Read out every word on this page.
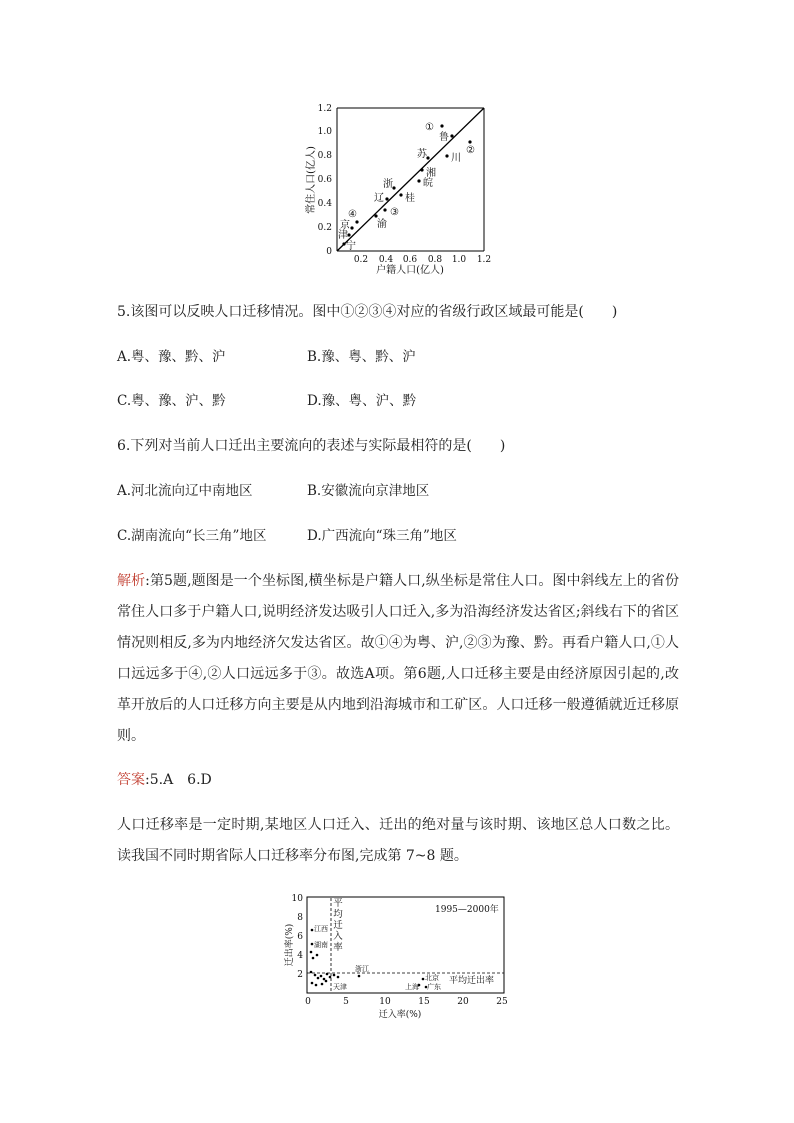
1.2
1.0
0.8
0.6
0.4
0.2
0
0.2 0.4 0.6 0.8 1.0 1.2
户籍人口(亿人)
常住人口(亿人)
①
鲁
②
川
苏
湘
皖
浙
桂
辽
③
渝
④
京
津
宁
5.该图可以反映人口迁移情况。图中①②③④对应的省级行政区域最可能是(　　)
A.粤、豫、黔、沪	B.豫、粤、黔、沪
C.粤、豫、沪、黔	D.豫、粤、沪、黔
6.下列对当前人口迁出主要流向的表述与实际最相符的是(　　)
A.河北流向辽中南地区	B.安徽流向京津地区
C.湖南流向“长三角”地区	D.广西流向“珠三角”地区
解析:第5题,题图是一个坐标图,横坐标是户籍人口,纵坐标是常住人口。图中斜线左上的省份常住人口多于户籍人口,说明经济发达吸引人口迁入,多为沿海经济发达省区;斜线右下的省区情况则相反,多为内地经济欠发达省区。故①④为粤、沪,②③为豫、黔。再看户籍人口,①人口远远多于④,②人口远远多于③。故选A项。第6题,人口迁移主要是由经济原因引起的,改革开放后的人口迁移方向主要是从内地到沿海城市和工矿区。人口迁移一般遵循就近迁移原则。
答案:5.A　6.D
人口迁移率是一定时期,某地区人口迁入、迁出的绝对量与该时期、该地区总人口数之比。读我国不同时期省际人口迁移率分布图,完成第 7~8 题。
1995—2000年
平
均
迁
入
率
平均迁出率
10
8
6
4
2
0	5	10	15	20	25
迁入率(%)
迁出率(%)	江西
湖南
浙江
天津
北京
上海 广东
